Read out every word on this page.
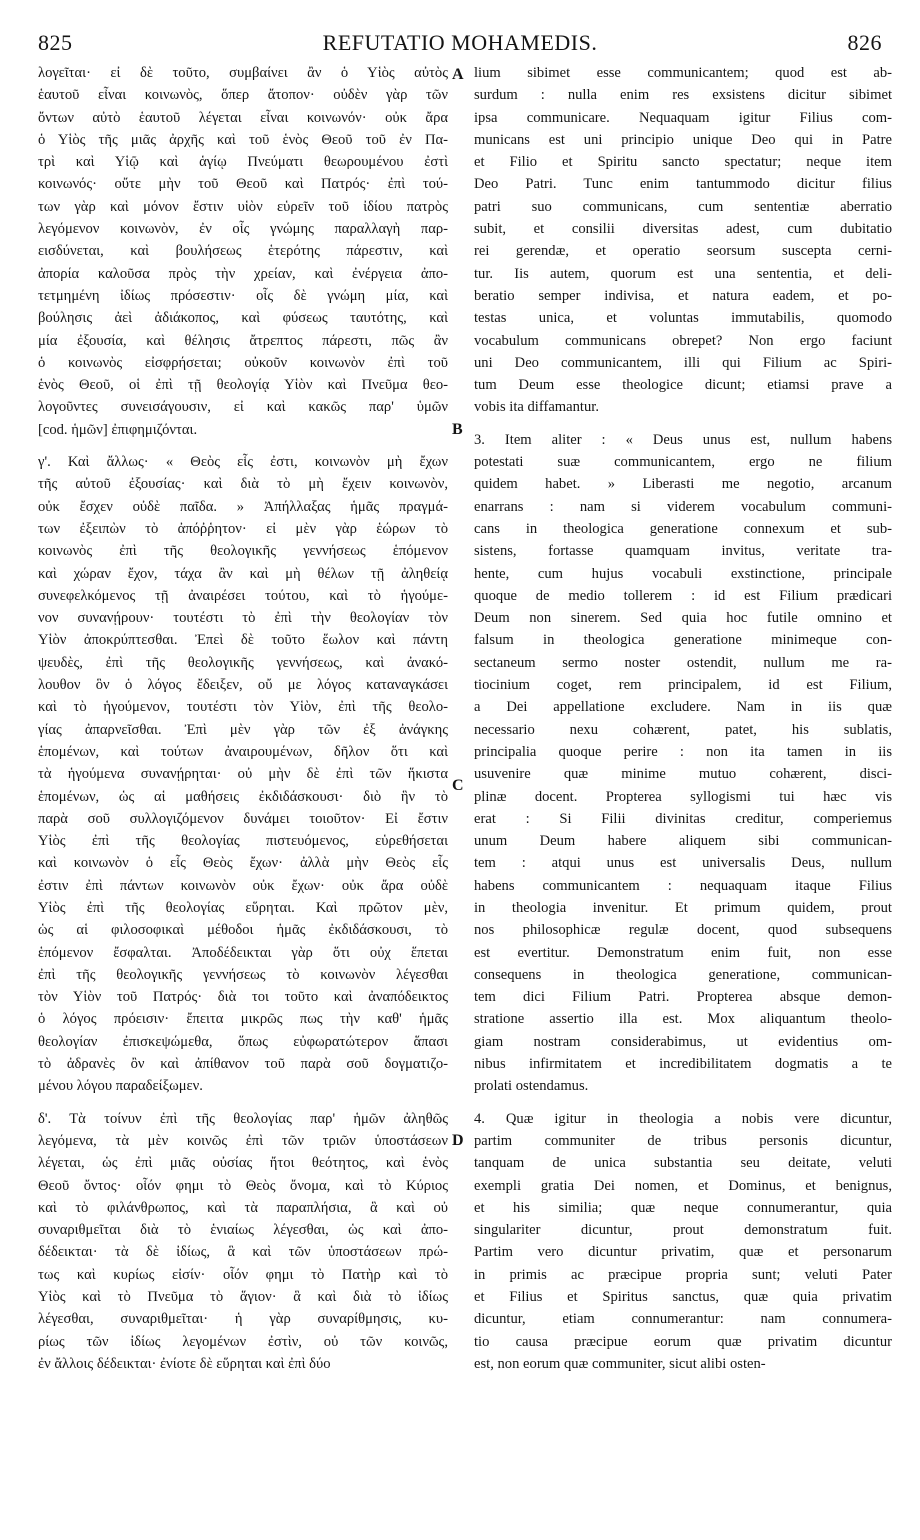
825	REFUTATIO MOHAMEDIS.	826
λογεῖται· εἰ δὲ τοῦτο, συμβαίνει ἂν ὁ Υἱὸς αὐτὸς
ἑαυτοῦ εἶναι κοινωνὸς, ὅπερ ἄτοπον· οὐδὲν γὰρ τῶν
ὄντων αὐτὸ ἑαυτοῦ λέγεται εἶναι κοινωνόν· οὐκ ἄρα
ὁ Υἱὸς τῆς μιᾶς ἀρχῆς καὶ τοῦ ἑνὸς Θεοῦ τοῦ ἐν Πα-
τρὶ καὶ Υἱῷ καὶ ἁγίῳ Πνεύματι θεωρουμένου ἐστὶ
κοινωνός· οὔτε μὴν τοῦ Θεοῦ καὶ Πατρός· ἐπὶ τού-
των γὰρ καὶ μόνον ἔστιν υἱὸν εὑρεῖν τοῦ ἰδίου πατρὸς
λεγόμενον κοινωνὸν, ἐν οἷς γνώμης παραλλαγὴ παρ-
εισδύνεται, καὶ βουλήσεως ἑτερότης πάρεστιν, καὶ
ἀπορία καλοῦσα πρὸς τὴν χρείαν, καὶ ἐνέργεια ἀπο-
τετμημένη ἰδίως πρόσεστιν· οἷς δὲ γνώμη μία, καὶ
βούλησις ἀεὶ ἀδιάκοπος, καὶ φύσεως ταυτότης, καὶ
μία ἐξουσία, καὶ θέλησις ἄτρεπτος πάρεστι, πῶς ἂν
ὁ κοινωνὸς εἰσφρήσεται; οὐκοῦν κοινωνὸν ἐπὶ τοῦ
ἑνὸς Θεοῦ, οἱ ἐπὶ τῇ θεολογίᾳ Υἱὸν καὶ Πνεῦμα θεο-
λογοῦντες συνεισάγουσιν, εἰ καὶ κακῶς παρ' ὑμῶν
[cod. ἡμῶν] ἐπιφημιζόνται.
γ'. Καὶ ἄλλως· « Θεὸς εἷς ἐστι, κοινωνὸν μὴ ἔχων
τῆς αὐτοῦ ἐξουσίας· καὶ διὰ τὸ μὴ ἔχειν κοινωνὸν,
οὐκ ἔσχεν οὐδὲ παῖδα. » Ἀπήλλαξας ἡμᾶς πραγμά-
των ἐξειπὼν τὸ ἀπόῤῥητον· εἰ μὲν γὰρ ἑώρων τὸ
κοινωνὸς ἐπὶ τῆς θεολογικῆς γεννήσεως ἑπόμενον
καὶ χώραν ἔχον, τάχα ἂν καὶ μὴ θέλων τῇ ἀληθείᾳ
συνεφελκόμενος τῇ ἀναιρέσει τούτου, καὶ τὸ ἡγούμε-
νον συνανῄρουν· τουτέστι τὸ ἐπὶ τὴν θεολογίαν τὸν
Υἱὸν ἀποκρύπτεσθαι. Ἐπεὶ δὲ τοῦτο ἕωλον καὶ πάντη
ψευδὲς, ἐπὶ τῆς θεολογικῆς γεννήσεως, καὶ ἀνακό-
λουθον ὃν ὁ λόγος ἔδειξεν, οὔ με λόγος καταναγκάσει
καὶ τὸ ἡγούμενον, τουτέστι τὸν Υἱὸν, ἐπὶ τῆς θεολο-
γίας ἀπαρνεῖσθαι. Ἐπὶ μὲν γὰρ τῶν ἐξ ἀνάγκης
ἑπομένων, καὶ τούτων ἀναιρουμένων, δῆλον ὅτι καὶ
τὰ ἡγούμενα συνανῄρηται· οὐ μὴν δὲ ἐπὶ τῶν ἥκιστα
ἑπομένων, ὡς αἱ μαθήσεις ἐκδιδάσκουσι· διὸ ἣν τὸ
παρὰ σοῦ συλλογιζόμενον δυνάμει τοιοῦτον· Εἰ ἔστιν
Υἱὸς ἐπὶ τῆς θεολογίας πιστευόμενος, εὑρεθήσεται
καὶ κοινωνὸν ὁ εἷς Θεὸς ἔχων· ἀλλὰ μὴν Θεὸς εἷς
ἐστιν ἐπὶ πάντων κοινωνὸν οὐκ ἔχων· οὐκ ἄρα οὐδὲ
Υἱὸς ἐπὶ τῆς θεολογίας εὕρηται. Καὶ πρῶτον μὲν,
ὡς αἱ φιλοσοφικαὶ μέθοδοι ἡμᾶς ἐκδιδάσκουσι, τὸ
ἑπόμενον ἔσφαλται. Ἀποδέδεικται γὰρ ὅτι οὐχ ἕπεται
ἐπὶ τῆς θεολογικῆς γεννήσεως τὸ κοινωνὸν λέγεσθαι
τὸν Υἱὸν τοῦ Πατρός· διὰ τοι τοῦτο καὶ ἀναπόδεικτος
ὁ λόγος πρόεισιν· ἔπειτα μικρῶς πως τὴν καθ' ἡμᾶς
θεολογίαν ἐπισκεψώμεθα, ὅπως εὐφωρατώτερον ἅπασι
τὸ ἀδρανὲς ὂν καὶ ἀπίθανον τοῦ παρὰ σοῦ δογματιζο-
μένου λόγου παραδείξωμεν.
δ'. Τὰ τοίνυν ἐπὶ τῆς θεολογίας παρ' ἡμῶν ἀληθῶς
λεγόμενα, τὰ μὲν κοινῶς ἐπὶ τῶν τριῶν ὑποστάσεων
λέγεται, ὡς ἐπὶ μιᾶς οὐσίας ἤτοι θεότητος, καὶ ἑνὸς
Θεοῦ ὄντος· οἷόν φημι τὸ Θεὸς ὄνομα, καὶ τὸ Κύριος
καὶ τὸ φιλάνθρωπος, καὶ τὰ παραπλήσια, ἃ καὶ οὐ
συναριθμεῖται διὰ τὸ ἑνιαίως λέγεσθαι, ὡς καὶ ἀπο-
δέδεικται· τὰ δὲ ἰδίως, ἃ καὶ τῶν ὑποστάσεων πρώ-
τως καὶ κυρίως εἰσίν· οἷόν φημι τὸ Πατὴρ καὶ τὸ
Υἱὸς καὶ τὸ Πνεῦμα τὸ ἅγιον· ἃ καὶ διὰ τὸ ἰδίως
λέγεσθαι, συναριθμεῖται· ἡ γὰρ συναρίθμησις, κυ-
ρίως τῶν ἰδίως λεγομένων ἐστὶν, οὐ τῶν κοινῶς,
ἐν ἄλλοις δέδεικται· ἐνίοτε δὲ εὕρηται καὶ ἐπὶ δύο
lium sibimet esse communicantem; quod est ab-
surdum : nulla enim res exsistens dicitur sibimet
ipsa communicare. Nequaquam igitur Filius com-
municans est uni principio unique Deo qui in Patre
et Filio et Spiritu sancto spectatur; neque item
Deo Patri. Tunc enim tantummodo dicitur filius
patri suo communicans, cum sententiæ aberratio
subit, et consilii diversitas adest, cum dubitatio
rei gerendæ, et operatio seorsum suscepta cerni-
tur. Iis autem, quorum est una sententia, et deli-
beratio semper indivisa, et natura eadem, et po-
testas unica, et voluntas immutabilis, quomodo
vocabulum communicans obrepet? Non ergo faciunt
uni Deo communicantem, illi qui Filium ac Spiri-
tum Deum esse theologice dicunt; etiamsi prave a
vobis ita diffamantur.
3. Item aliter : « Deus unus est, nullum habens
potestati suæ communicantem, ergo ne filium
quidem habet. » Liberasti me negotio, arcanum
enarrans : nam si viderem vocabulum communi-
cans in theologica generatione connexum et sub-
sistens, fortasse quamquam invitus, veritate tra-
hente, cum hujus vocabuli exstinctione, principale
quoque de medio tollerem : id est Filium prædicari
Deum non sinerem. Sed quia hoc futile omnino et
falsum in theologica generatione minimeque con-
sectaneum sermo noster ostendit, nullum me ra-
tiocinium coget, rem principalem, id est Filium,
a Dei appellatione excludere. Nam in iis quæ
necessario nexu cohærent, patet, his sublatis,
principalia quoque perire : non ita tamen in iis
usuvenire quæ minime mutuo cohærent, disci-
plinæ docent. Propterea syllogismi tui hæc vis
erat : Si Filii divinitas creditur, comperiemus
unum Deum habere aliquem sibi communican-
tem : atqui unus est universalis Deus, nullum
habens communicantem : nequaquam itaque Filius
in theologia invenitur. Et primum quidem, prout
nos philosophicæ regulæ docent, quod subsequens
est evertitur. Demonstratum enim fuit, non esse
consequens in theologica generatione, communican-
tem dici Filium Patri. Propterea absque demon-
stratione assertio illa est. Mox aliquantum theolo-
giam nostram considerabimus, ut evidentius om-
nibus infirmitatem et incredibilitatem dogmatis a te
prolati ostendamus.
4. Quæ igitur in theologia a nobis vere dicuntur,
partim communiter de tribus personis dicuntur,
tanquam de unica substantia seu deitate, veluti
exempli gratia Dei nomen, et Dominus, et benignus,
et his similia; quæ neque connumerantur, quia
singulariter dicuntur, prout demonstratum fuit.
Partim vero dicuntur privatim, quæ et personarum
in primis ac præcipue propria sunt; veluti Pater
et Filius et Spiritus sanctus, quæ quia privatim
dicuntur, etiam connumerantur: nam connumera-
tio causa præcipue eorum quæ privatim dicuntur
est, non eorum quæ communiter, sicut alibi osten-
A
B
C
D
